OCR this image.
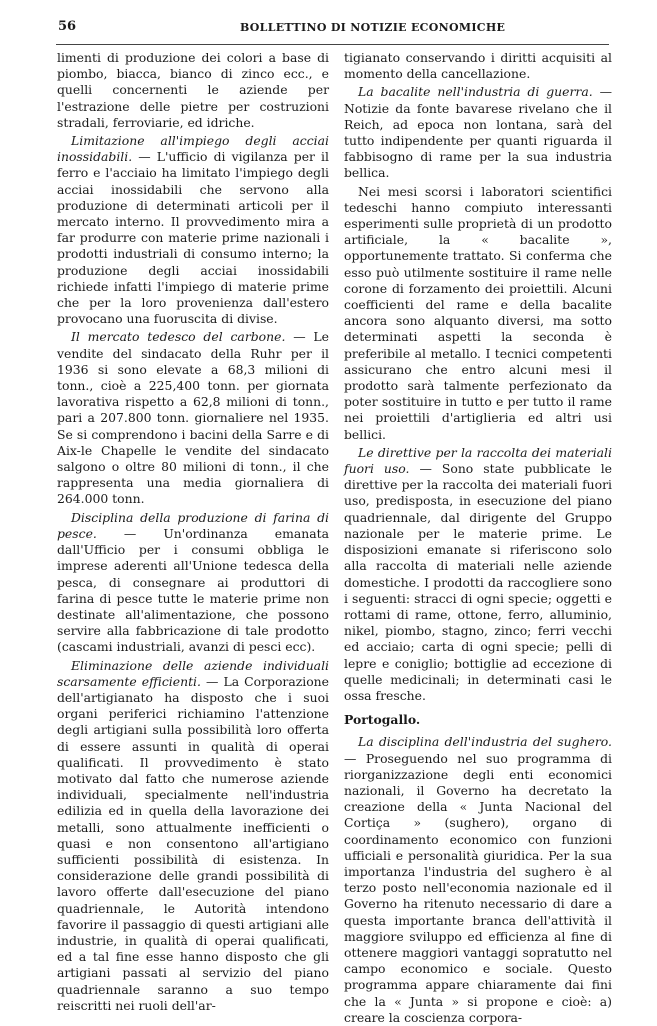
56	BOLLETTINO DI NOTIZIE ECONOMICHE

limenti di produzione dei colori a base di piombo, biacca, bianco di zinco ecc., e quelli concernenti le aziende per l'estrazione delle pietre per costruzioni stradali, ferroviarie, ed idriche.

Limitazione all'impiego degli acciai inossidabili. — L'ufficio di vigilanza per il ferro e l'acciaio ha limitato l'impiego degli acciai inossidabili che servono alla produzione di determinati articoli per il mercato interno. Il provvedimento mira a far produrre con materie prime nazionali i prodotti industriali di consumo interno; la produzione degli acciai inossidabili richiede infatti l'impiego di materie prime che per la loro provenienza dall'estero provocano una fuoruscita di divise.

Il mercato tedesco del carbone. — Le vendite del sindacato della Ruhr per il 1936 si sono elevate a 68,3 milioni di tonn., cioè a 225,400 tonn. per giornata lavorativa rispetto a 62,8 milioni di tonn., pari a 207.800 tonn. giornaliere nel 1935. Se si comprendono i bacini della Sarre e di Aix-le Chapelle le vendite del sindacato salgono o oltre 80 milioni di tonn., il che rappresenta una media giornaliera di 264.000 tonn.

Disciplina della produzione di farina di pesce. — Un'ordinanza emanata dall'Ufficio per i consumi obbliga le imprese aderenti all'Unione tedesca della pesca, di consegnare ai produttori di farina di pesce tutte le materie prime non destinate all'alimentazione, che possono servire alla fabbricazione di tale prodotto (cascami industriali, avanzi di pesci ecc).

Eliminazione delle aziende individuali scarsamente efficienti. — La Corporazione dell'artigianato ha disposto che i suoi organi periferici richiamino l'attenzione degli artigiani sulla possibilità loro offerta di essere assunti in qualità di operai qualificati. Il provvedimento è stato motivato dal fatto che numerose aziende individuali, specialmente nell'industria edilizia ed in quella della lavorazione dei metalli, sono attualmente inefficienti o quasi e non consentono all'artigiano sufficienti possibilità di esistenza. In considerazione delle grandi possibilità di lavoro offerte dall'esecuzione del piano quadriennale, le Autorità intendono favorire il passaggio di questi artigiani alle industrie, in qualità di operai qualificati, ed a tal fine esse hanno disposto che gli artigiani passati al servizio del piano quadriennale saranno a suo tempo reiscritti nei ruoli dell'ar-

tigianato conservando i diritti acquisiti al momento della cancellazione.

La bacalite nell'industria di guerra. — Notizie da fonte bavarese rivelano che il Reich, ad epoca non lontana, sarà del tutto indipendente per quanti riguarda il fabbisogno di rame per la sua industria bellica.

Nei mesi scorsi i laboratori scientifici tedeschi hanno compiuto interessanti esperimenti sulle proprietà di un prodotto artificiale, la « bacalite », opportunemente trattato. Si conferma che esso può utilmente sostituire il rame nelle corone di forzamento dei proiettili. Alcuni coefficienti del rame e della bacalite ancora sono alquanto diversi, ma sotto determinati aspetti la seconda è preferibile al metallo. I tecnici competenti assicurano che entro alcuni mesi il prodotto sarà talmente perfezionato da poter sostituire in tutto e per tutto il rame nei proiettili d'artiglieria ed altri usi bellici.

Le direttive per la raccolta dei materiali fuori uso. — Sono state pubblicate le direttive per la raccolta dei materiali fuori uso, predisposta, in esecuzione del piano quadriennale, dal dirigente del Gruppo nazionale per le materie prime. Le disposizioni emanate si riferiscono solo alla raccolta di materiali nelle aziende domestiche. I prodotti da raccogliere sono i seguenti: stracci di ogni specie; oggetti e rottami di rame, ottone, ferro, alluminio, nikel, piombo, stagno, zinco; ferri vecchi ed acciaio; carta di ogni specie; pelli di lepre e coniglio; bottiglie ad eccezione di quelle medicinali; in determinati casi le ossa fresche.

Portogallo.

La disciplina dell'industria del sughero. — Proseguendo nel suo programma di riorganizzazione degli enti economici nazionali, il Governo ha decretato la creazione della « Junta Nacional del Cortiça » (sughero), organo di coordinamento economico con funzioni ufficiali e personalità giuridica. Per la sua importanza l'industria del sughero è al terzo posto nell'economia nazionale ed il Governo ha ritenuto necessario di dare a questa importante branca dell'attività il maggiore sviluppo ed efficienza al fine di ottenere maggiori vantaggi sopratutto nel campo economico e sociale. Questo programma appare chiaramente dai fini che la « Junta » si propone e cioè: a) creare la coscienza corpora-
